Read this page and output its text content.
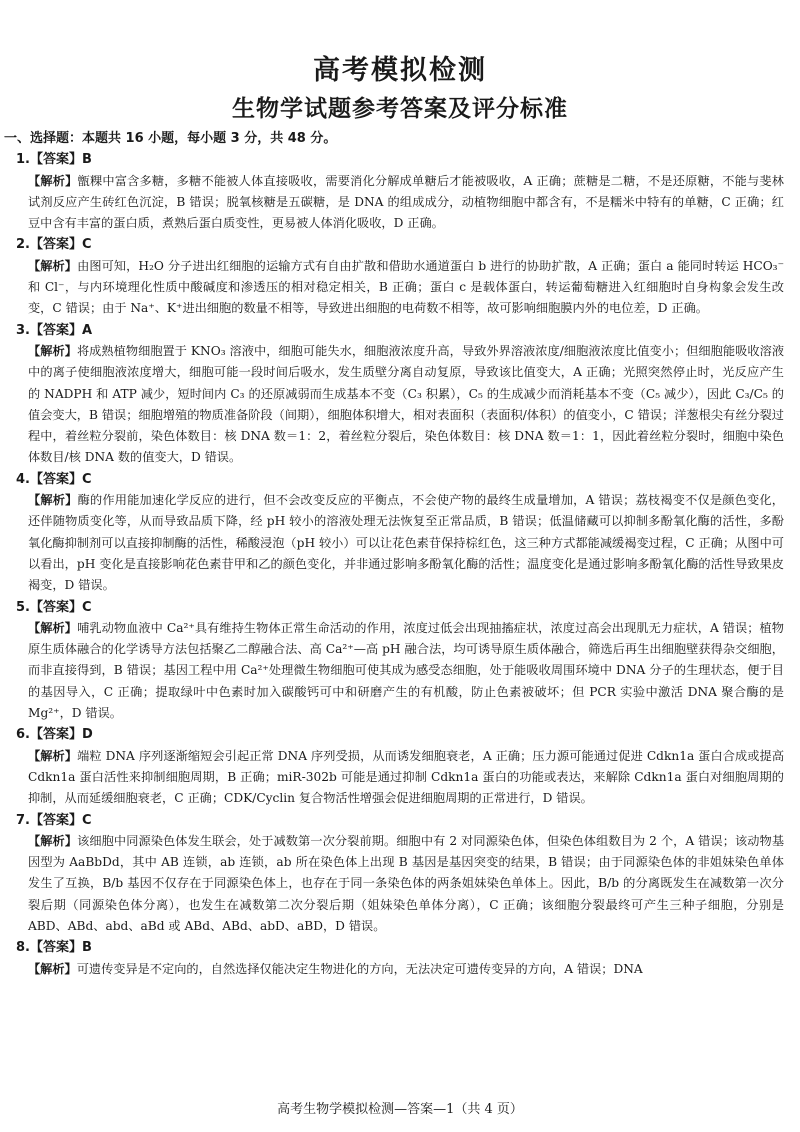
高考模拟检测
生物学试题参考答案及评分标准
一、选择题：本题共 16 小题，每小题 3 分，共 48 分。
1.【答案】B
【解析】甑粿中富含多糖，多糖不能被人体直接吸收，需要消化分解成单糖后才能被吸收，A 正确；蔗糖是二糖，不是还原糖，不能与斐林试剂反应产生砖红色沉淀，B 错误；脱氧核糖是五碳糖，是 DNA 的组成成分，动植物细胞中都含有，不是糯米中特有的单糖，C 正确；红豆中含有丰富的蛋白质，煮熟后蛋白质变性，更易被人体消化吸收，D 正确。
2.【答案】C
【解析】由图可知，H₂O 分子进出红细胞的运输方式有自由扩散和借助水通道蛋白 b 进行的协助扩散，A 正确；蛋白 a 能同时转运 HCO₃⁻ 和 Cl⁻，与内环境理化性质中酸碱度和渗透压的相对稳定相关，B 正确；蛋白 c 是载体蛋白，转运葡萄糖进入红细胞时自身构象会发生改变，C 错误；由于 Na⁺、K⁺进出细胞的数量不相等，导致进出细胞的电荷数不相等，故可影响细胞膜内外的电位差，D 正确。
3.【答案】A
【解析】将成熟植物细胞置于 KNO₃ 溶液中，细胞可能失水，细胞液浓度升高，导致外界溶液浓度/细胞液浓度比值变小；但细胞能吸收溶液中的离子使细胞液浓度增大，细胞可能一段时间后吸水，发生质壁分离自动复原，导致该比值变大，A 正确；光照突然停止时，光反应产生的 NADPH 和 ATP 减少，短时间内 C₃ 的还原减弱而生成基本不变（C₃ 积累），C₅ 的生成减少而消耗基本不变（C₅ 减少），因此 C₃/C₅ 的值会变大，B 错误；细胞增殖的物质准备阶段（间期），细胞体积增大，相对表面积（表面积/体积）的值变小，C 错误；洋葱根尖有丝分裂过程中，着丝粒分裂前，染色体数目：核 DNA 数＝1：2，着丝粒分裂后，染色体数目：核 DNA 数＝1：1，因此着丝粒分裂时，细胞中染色体数目/核 DNA 数的值变大，D 错误。
4.【答案】C
【解析】酶的作用能加速化学反应的进行，但不会改变反应的平衡点，不会使产物的最终生成量增加，A 错误；荔枝褐变不仅是颜色变化，还伴随物质变化等，从而导致品质下降，经 pH 较小的溶液处理无法恢复至正常品质，B 错误；低温储藏可以抑制多酚氧化酶的活性，多酚氧化酶抑制剂可以直接抑制酶的活性，稀酸浸泡（pH 较小）可以让花色素苷保持棕红色，这三种方式都能减缓褐变过程，C 正确；从图中可以看出，pH 变化是直接影响花色素苷甲和乙的颜色变化，并非通过影响多酚氧化酶的活性；温度变化是通过影响多酚氧化酶的活性导致果皮褐变，D 错误。
5.【答案】C
【解析】哺乳动物血液中 Ca²⁺具有维持生物体正常生命活动的作用，浓度过低会出现抽搐症状，浓度过高会出现肌无力症状，A 错误；植物原生质体融合的化学诱导方法包括聚乙二醇融合法、高 Ca²⁺—高 pH 融合法，均可诱导原生质体融合，筛选后再生出细胞壁获得杂交细胞，而非直接得到，B 错误；基因工程中用 Ca²⁺处理微生物细胞可使其成为感受态细胞，处于能吸收周围环境中 DNA 分子的生理状态，便于目的基因导入，C 正确；提取绿叶中色素时加入碳酸钙可中和研磨产生的有机酸，防止色素被破坏；但 PCR 实验中激活 DNA 聚合酶的是 Mg²⁺，D 错误。
6.【答案】D
【解析】端粒 DNA 序列逐渐缩短会引起正常 DNA 序列受损，从而诱发细胞衰老，A 正确；压力源可能通过促进 Cdkn1a 蛋白合成或提高 Cdkn1a 蛋白活性来抑制细胞周期，B 正确；miR-302b 可能是通过抑制 Cdkn1a 蛋白的功能或表达，来解除 Cdkn1a 蛋白对细胞周期的抑制，从而延缓细胞衰老，C 正确；CDK/Cyclin 复合物活性增强会促进细胞周期的正常进行，D 错误。
7.【答案】C
【解析】该细胞中同源染色体发生联会，处于减数第一次分裂前期。细胞中有 2 对同源染色体，但染色体组数目为 2 个，A 错误；该动物基因型为 AaBbDd，其中 AB 连锁，ab 连锁，ab 所在染色体上出现 B 基因是基因突变的结果，B 错误；由于同源染色体的非姐妹染色单体发生了互换，B/b 基因不仅存在于同源染色体上，也存在于同一条染色体的两条姐妹染色单体上。因此，B/b 的分离既发生在减数第一次分裂后期（同源染色体分离），也发生在减数第二次分裂后期（姐妹染色单体分离），C 正确；该细胞分裂最终可产生三种子细胞，分别是 ABD、ABd、abd、aBd 或 ABd、ABd、abD、aBD，D 错误。
8.【答案】B
【解析】可遗传变异是不定向的，自然选择仅能决定生物进化的方向，无法决定可遗传变异的方向，A 错误；DNA
高考生物学模拟检测—答案—1（共 4 页）
